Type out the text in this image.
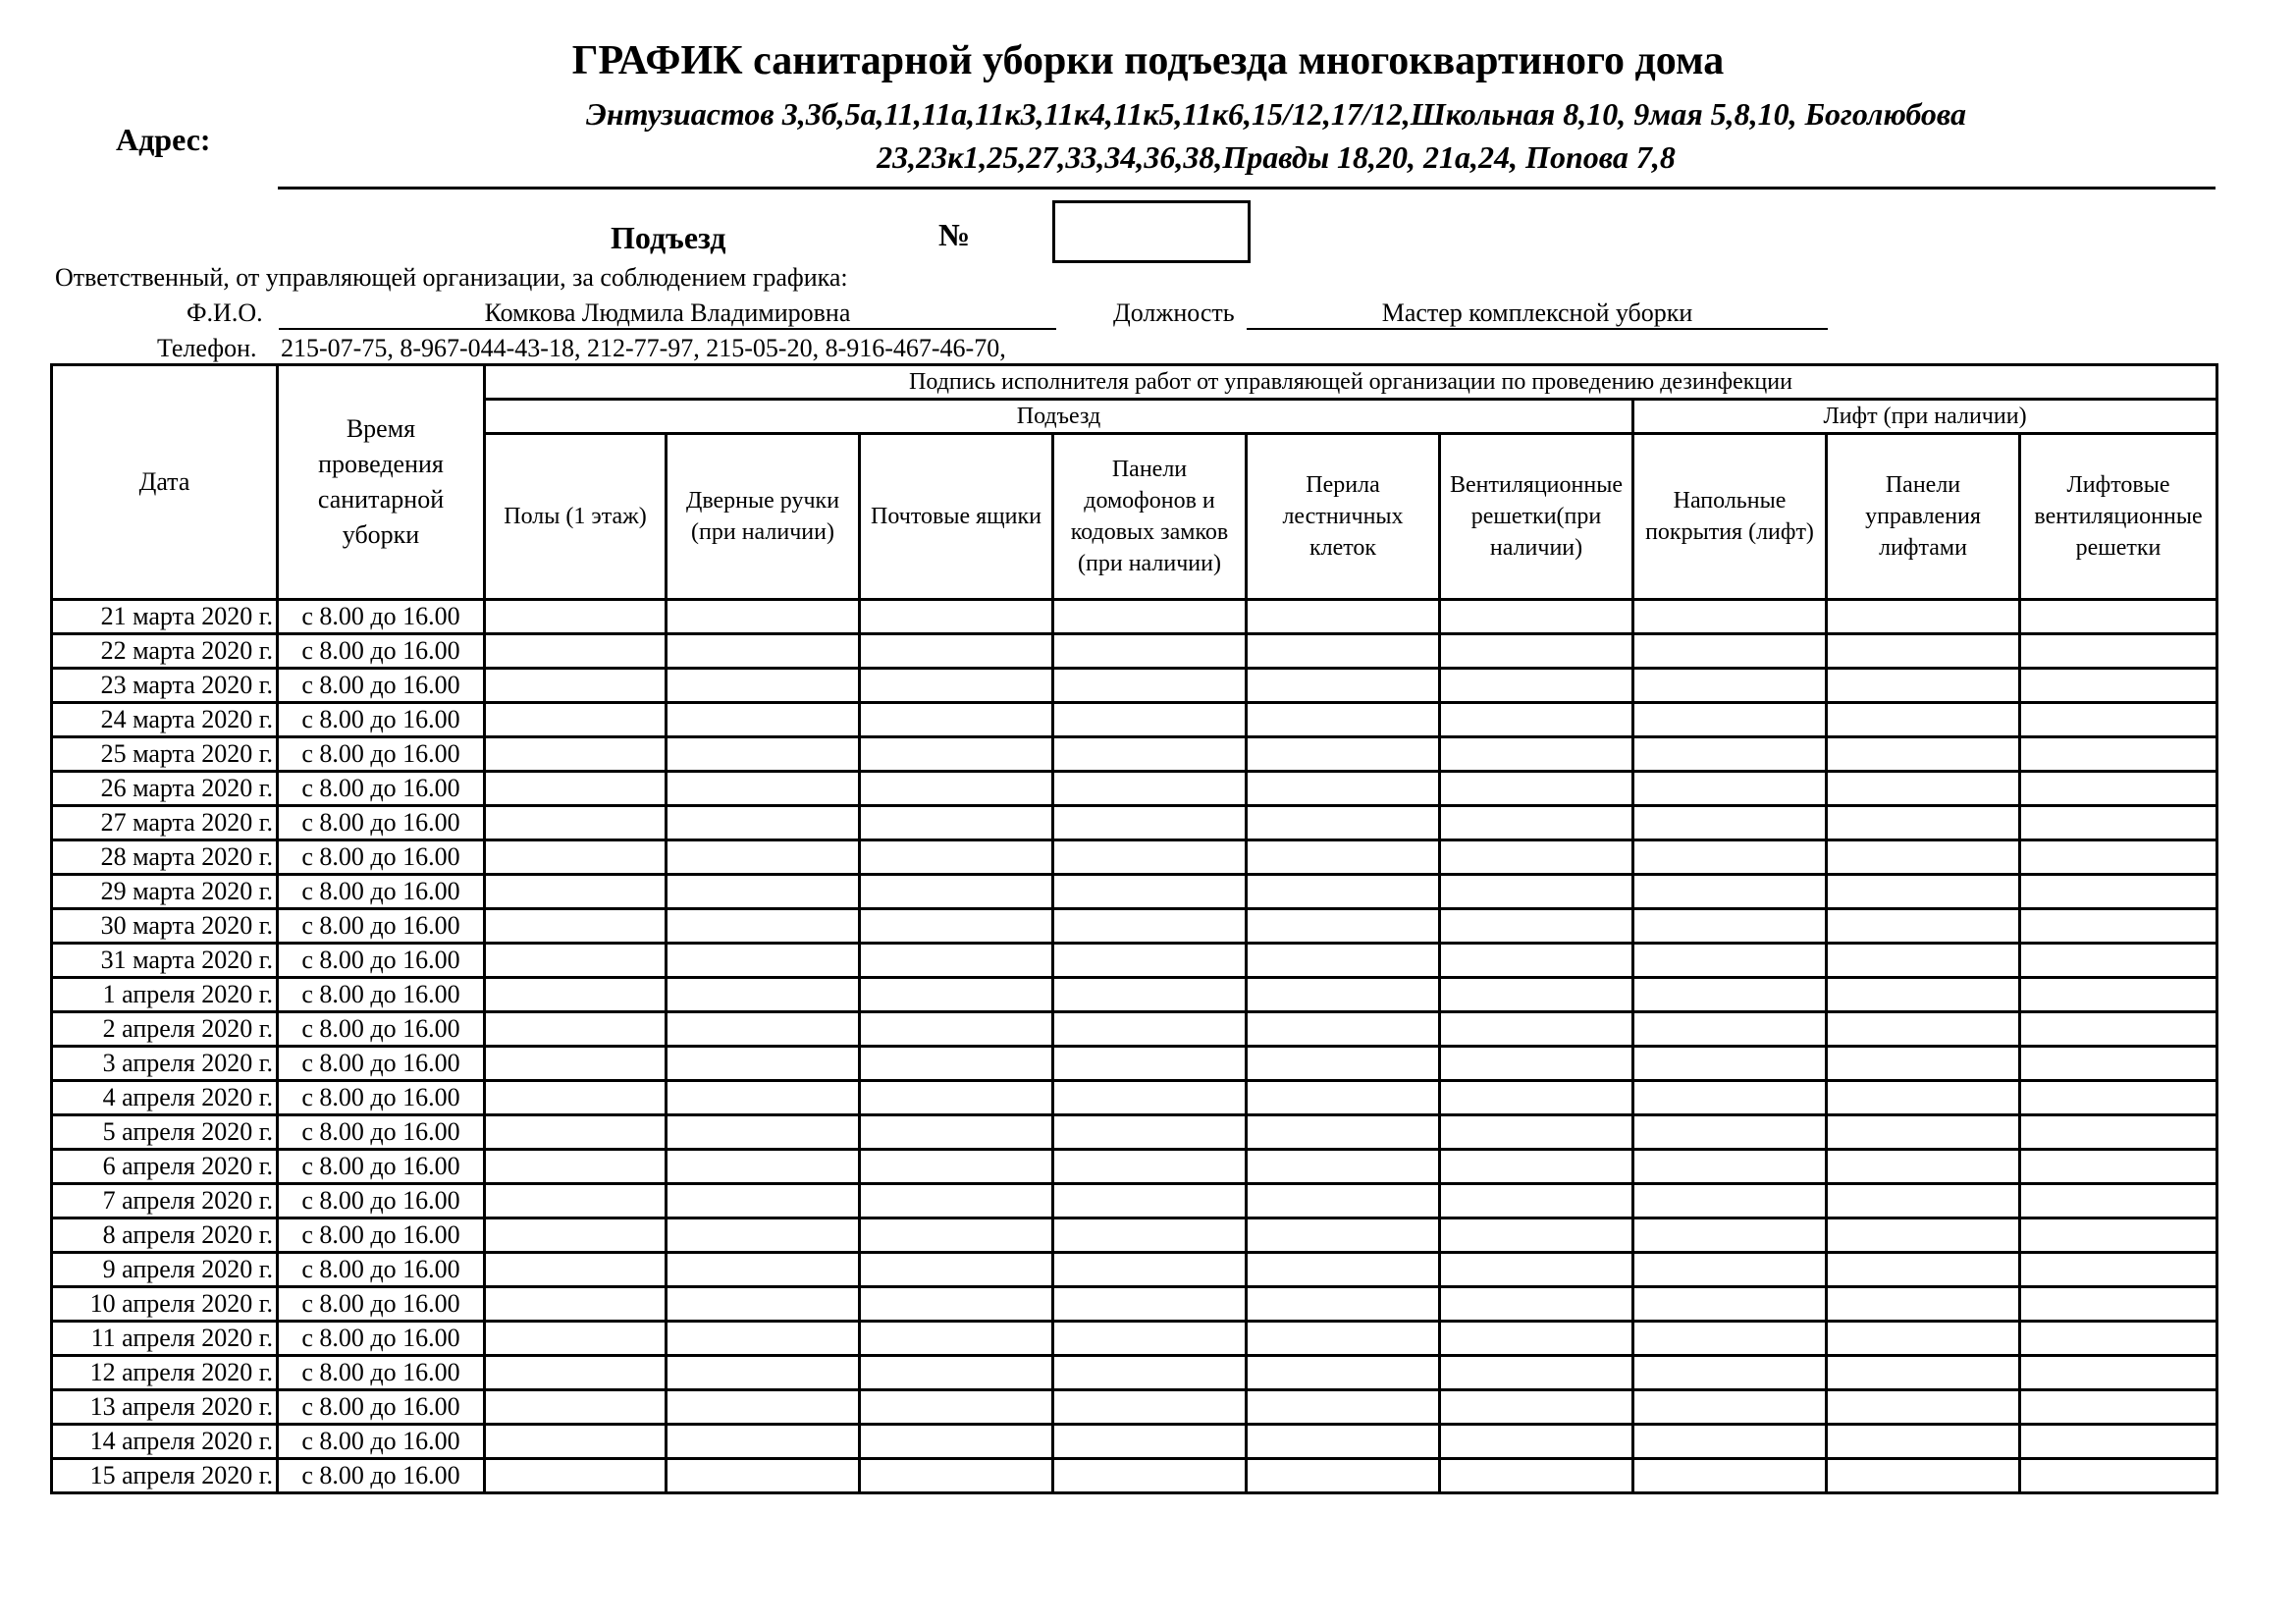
ГРАФИК санитарной уборки подъезда многоквартиного дома
Адрес:
Энтузиастов 3,3б,5а,11,11а,11к3,11к4,11к5,11к6,15/12,17/12,Школьная 8,10, 9мая 5,8,10, Боголюбова
23,23к1,25,27,33,34,36,38,Правды 18,20, 21а,24, Попова 7,8
Подъезд	№
Ответственный, от управляющей организации, за соблюдением графика:
Ф.И.О.	Комкова Людмила Владимировна	Должность	Мастер комплексной уборки
Телефон. 215-07-75, 8-967-044-43-18, 212-77-97, 215-05-20, 8-916-467-46-70,
Дата	Время проведения санитарной уборки	Подпись исполнителя работ от управляющей организации по проведению дезинфекции								
		Подъезд						Лифт (при наличии)		
		Полы (1 этаж)	Дверные ручки (при наличии)	Почтовые ящики	Панели домофонов и кодовых замков (при наличии)	Перила лестничных клеток	Вентиляционные решетки(при наличии)	Напольные покрытия (лифт)	Панели управления лифтами	Лифтовые вентиляционные решетки
21 марта 2020 г.	с 8.00 до 16.00									
22 марта 2020 г.	с 8.00 до 16.00									
23 марта 2020 г.	с 8.00 до 16.00									
24 марта 2020 г.	с 8.00 до 16.00									
25 марта 2020 г.	с 8.00 до 16.00									
26 марта 2020 г.	с 8.00 до 16.00									
27 марта 2020 г.	с 8.00 до 16.00									
28 марта 2020 г.	с 8.00 до 16.00									
29 марта 2020 г.	с 8.00 до 16.00									
30 марта 2020 г.	с 8.00 до 16.00									
31 марта 2020 г.	с 8.00 до 16.00									
1 апреля 2020 г.	с 8.00 до 16.00									
2 апреля 2020 г.	с 8.00 до 16.00									
3 апреля 2020 г.	с 8.00 до 16.00									
4 апреля 2020 г.	с 8.00 до 16.00									
5 апреля 2020 г.	с 8.00 до 16.00									
6 апреля 2020 г.	с 8.00 до 16.00									
7 апреля 2020 г.	с 8.00 до 16.00									
8 апреля 2020 г.	с 8.00 до 16.00									
9 апреля 2020 г.	с 8.00 до 16.00									
10 апреля 2020 г.	с 8.00 до 16.00									
11 апреля 2020 г.	с 8.00 до 16.00									
12 апреля 2020 г.	с 8.00 до 16.00									
13 апреля 2020 г.	с 8.00 до 16.00									
14 апреля 2020 г.	с 8.00 до 16.00									
15 апреля 2020 г.	с 8.00 до 16.00									
